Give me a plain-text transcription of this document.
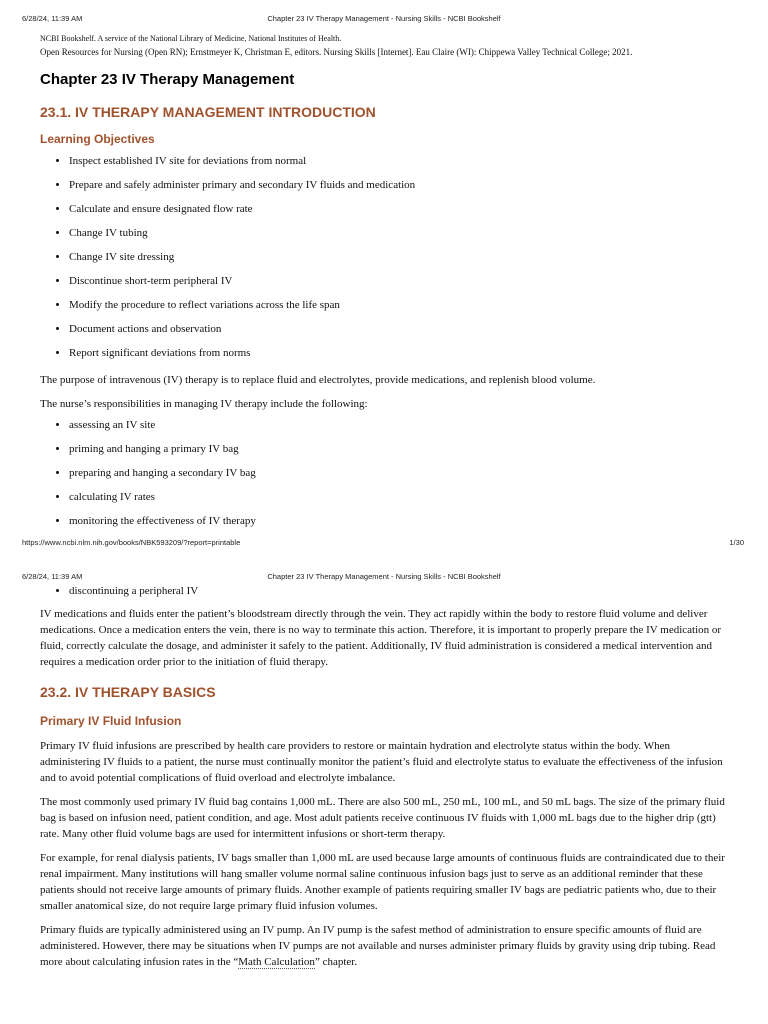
6/28/24, 11:39 AM	Chapter 23 IV Therapy Management - Nursing Skills - NCBI Bookshelf

NCBI Bookshelf. A service of the National Library of Medicine, National Institutes of Health.

Open Resources for Nursing (Open RN); Ernstmeyer K, Christman E, editors. Nursing Skills [Internet]. Eau Claire (WI): Chippewa Valley Technical College; 2021.

Chapter 23 IV Therapy Management
23.1. IV THERAPY MANAGEMENT INTRODUCTION
Learning Objectives
• Inspect established IV site for deviations from normal
• Prepare and safely administer primary and secondary IV fluids and medication
• Calculate and ensure designated flow rate
• Change IV tubing
• Change IV site dressing
• Discontinue short-term peripheral IV
• Modify the procedure to reflect variations across the life span
• Document actions and observation
• Report significant deviations from norms

The purpose of intravenous (IV) therapy is to replace fluid and electrolytes, provide medications, and replenish blood volume.

The nurse’s responsibilities in managing IV therapy include the following:

• assessing an IV site
• priming and hanging a primary IV bag
• preparing and hanging a secondary IV bag
• calculating IV rates
• monitoring the effectiveness of IV therapy
https://www.ncbi.nlm.nih.gov/books/NBK593209/?report=printable	1/30
6/28/24, 11:39 AM	Chapter 23 IV Therapy Management - Nursing Skills - NCBI Bookshelf
• discontinuing a peripheral IV

IV medications and fluids enter the patient’s bloodstream directly through the vein. They act rapidly within the body to restore fluid volume and deliver medications. Once a medication enters the vein, there is no way to terminate this action. Therefore, it is important to properly prepare the IV medication or fluid, correctly calculate the dosage, and administer it safely to the patient. Additionally, IV fluid administration is considered a medical intervention and requires a medication order prior to the initiation of fluid therapy.

23.2. IV THERAPY BASICS
Primary IV Fluid Infusion

Primary IV fluid infusions are prescribed by health care providers to restore or maintain hydration and electrolyte status within the body. When administering IV fluids to a patient, the nurse must continually monitor the patient’s fluid and electrolyte status to evaluate the effectiveness of the infusion and to avoid potential complications of fluid overload and electrolyte imbalance.

The most commonly used primary IV fluid bag contains 1,000 mL. There are also 500 mL, 250 mL, 100 mL, and 50 mL bags. The size of the primary fluid bag is based on infusion need, patient condition, and age. Most adult patients receive continuous IV fluids with 1,000 mL bags due to the higher drip (gtt) rate. Many other fluid volume bags are used for intermittent infusions or short-term therapy.

For example, for renal dialysis patients, IV bags smaller than 1,000 mL are used because large amounts of continuous fluids are contraindicated due to their renal impairment. Many institutions will hang smaller volume normal saline continuous infusion bags just to serve as an additional reminder that these patients should not receive large amounts of primary fluids. Another example of patients requiring smaller IV bags are pediatric patients who, due to their smaller anatomical size, do not require large primary fluid infusion volumes.

Primary fluids are typically administered using an IV pump. An IV pump is the safest method of administration to ensure specific amounts of fluid are administered. However, there may be situations when IV pumps are not available and nurses administer primary fluids by gravity using drip tubing. Read more about calculating infusion rates in the “Math Calculation” chapter.
